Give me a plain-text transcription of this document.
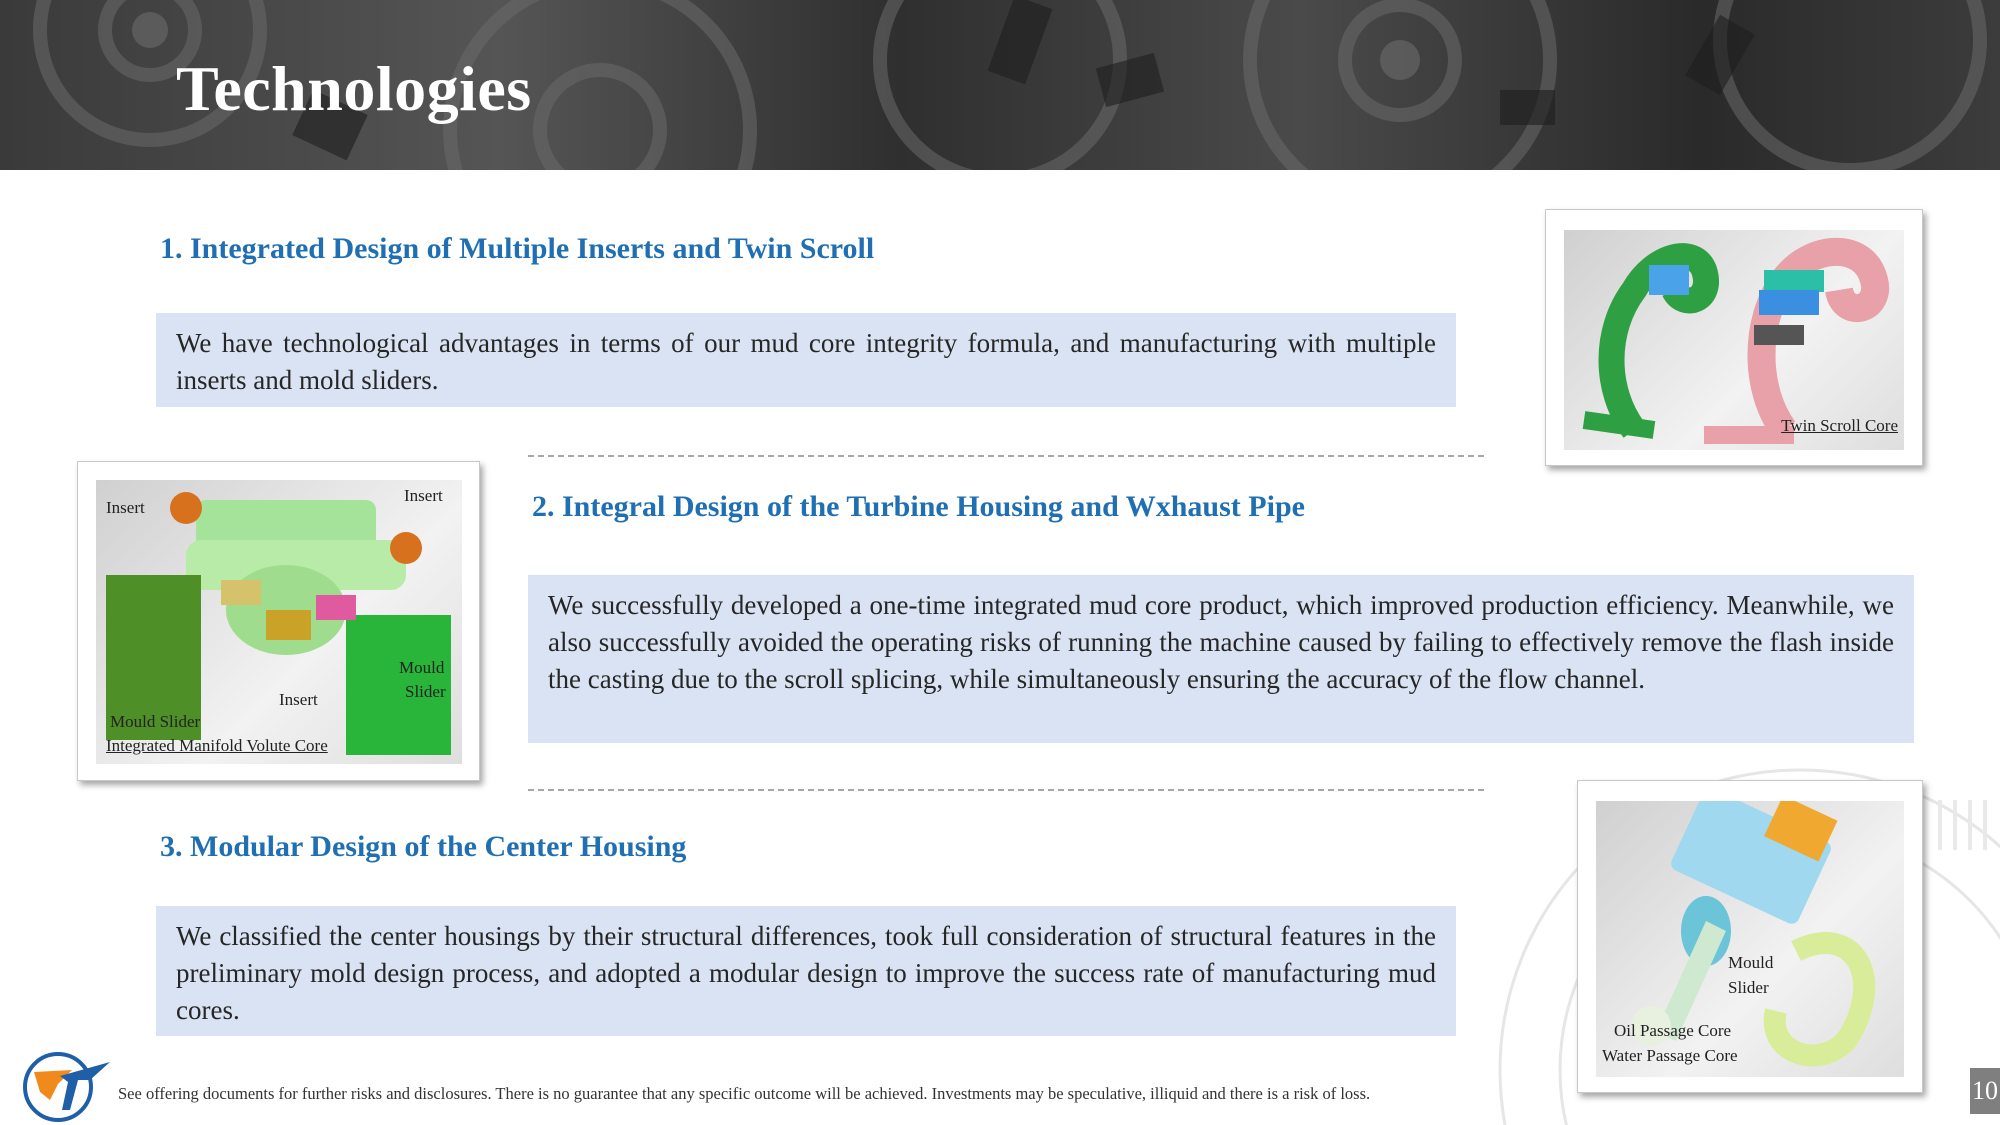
Technologies
1. Integrated Design of Multiple Inserts and Twin Scroll
We have technological advantages in terms of our mud core integrity formula, and manufacturing with multiple inserts and mold sliders.
Twin Scroll Core
Insert
Insert
Insert
Mould
Slider
Mould Slider
Integrated Manifold Volute Core
2. Integral Design of the Turbine Housing and Wxhaust Pipe
We successfully developed a one-time integrated mud core product, which improved production efficiency. Meanwhile, we also successfully avoided the operating risks of running the machine caused by failing to effectively remove the flash inside the casting due to the scroll splicing, while simultaneously ensuring the accuracy of the flow channel.
3. Modular Design of the Center Housing
We classified the center housings by their structural differences, took full consideration of structural features in the preliminary mold design process, and adopted a modular design to improve the success rate of manufacturing mud cores.
Mould
Slider
Oil Passage Core
Water Passage Core
See offering documents for further risks and disclosures. There is no guarantee that any specific outcome will be achieved. Investments may be speculative, illiquid and there is a risk of loss.	10
